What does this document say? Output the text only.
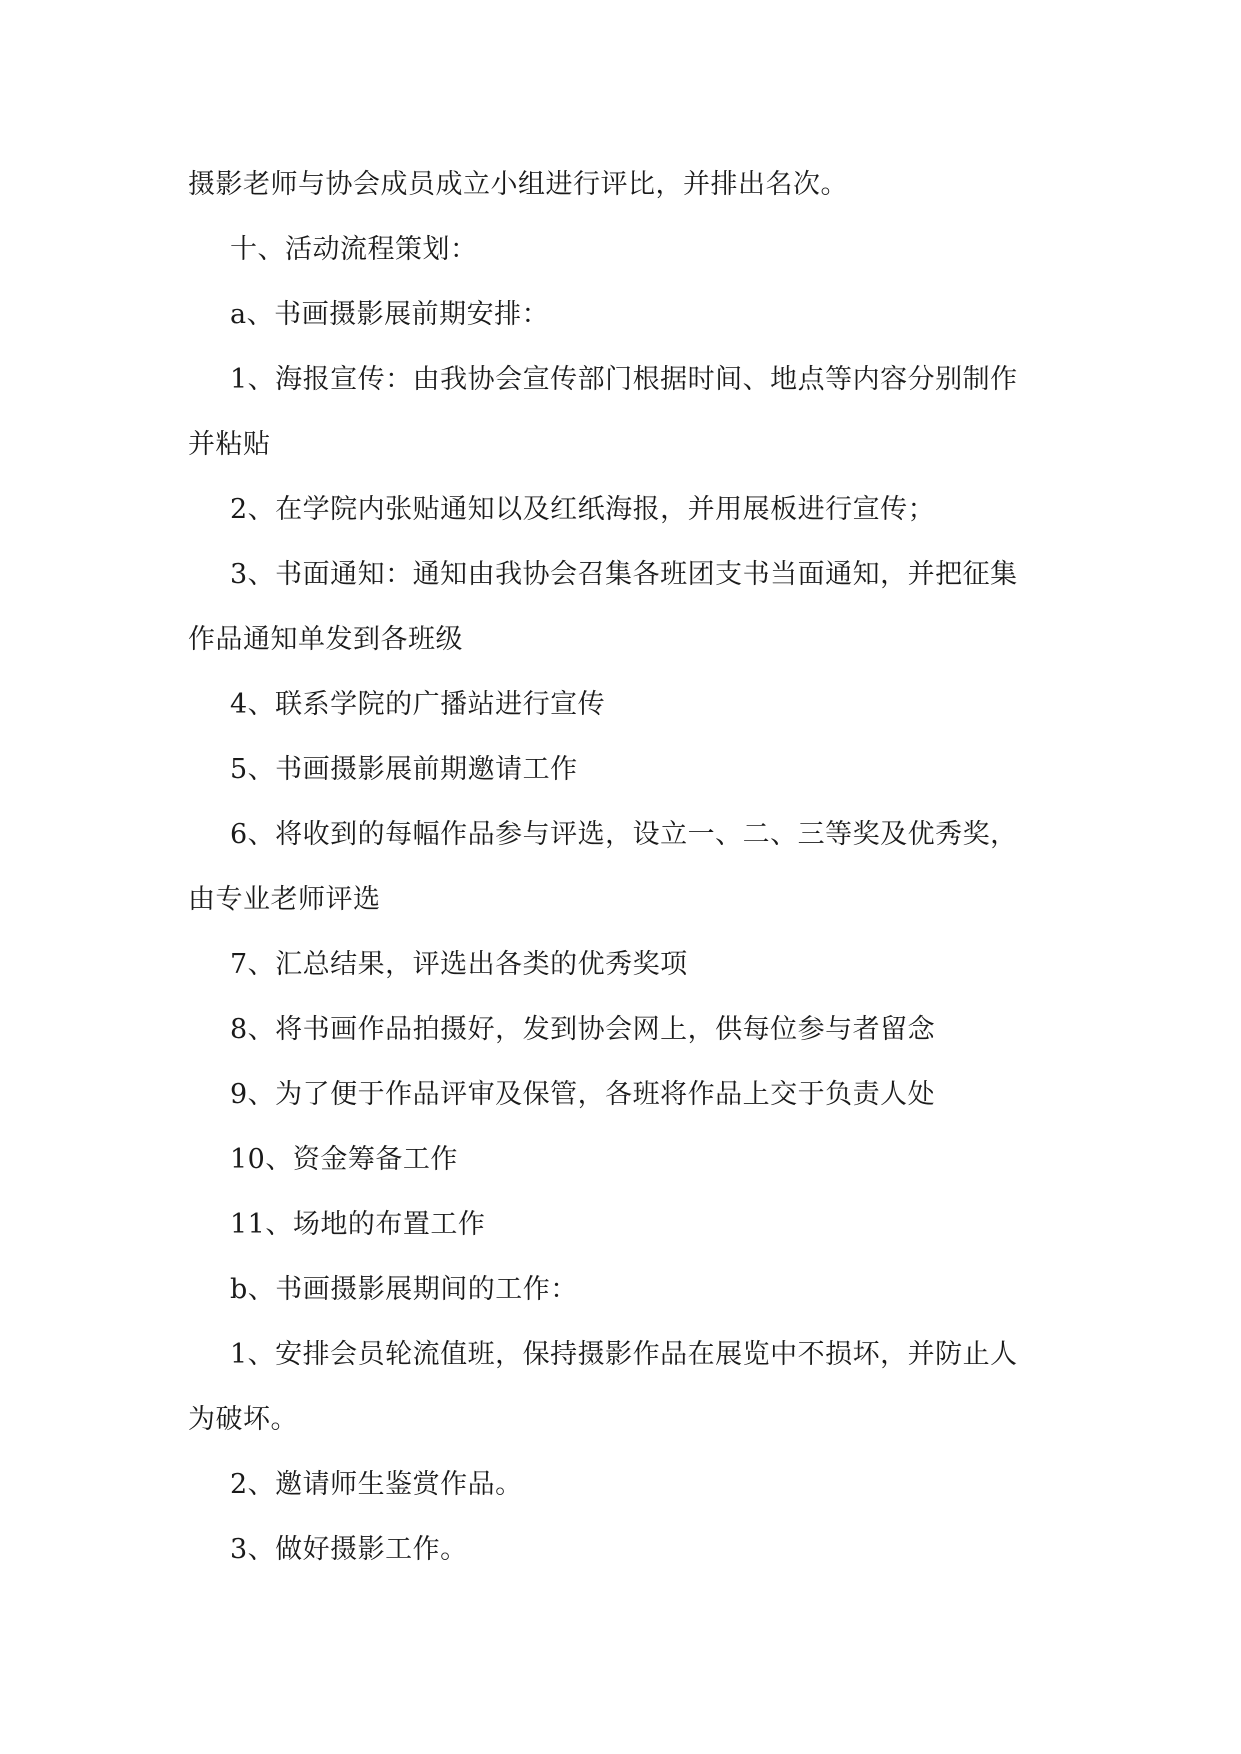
摄影老师与协会成员成立小组进行评比，并排出名次。
十、活动流程策划：
a、书画摄影展前期安排：
1、海报宣传：由我协会宣传部门根据时间、地点等内容分别制作
并粘贴
2、在学院内张贴通知以及红纸海报，并用展板进行宣传；
3、书面通知：通知由我协会召集各班团支书当面通知，并把征集
作品通知单发到各班级
4、联系学院的广播站进行宣传
5、书画摄影展前期邀请工作
6、将收到的每幅作品参与评选，设立一、二、三等奖及优秀奖，
由专业老师评选
7、汇总结果，评选出各类的优秀奖项
8、将书画作品拍摄好，发到协会网上，供每位参与者留念
9、为了便于作品评审及保管，各班将作品上交于负责人处
10、资金筹备工作
11、场地的布置工作
b、书画摄影展期间的工作：
1、安排会员轮流值班，保持摄影作品在展览中不损坏，并防止人
为破坏。
2、邀请师生鉴赏作品。
3、做好摄影工作。
